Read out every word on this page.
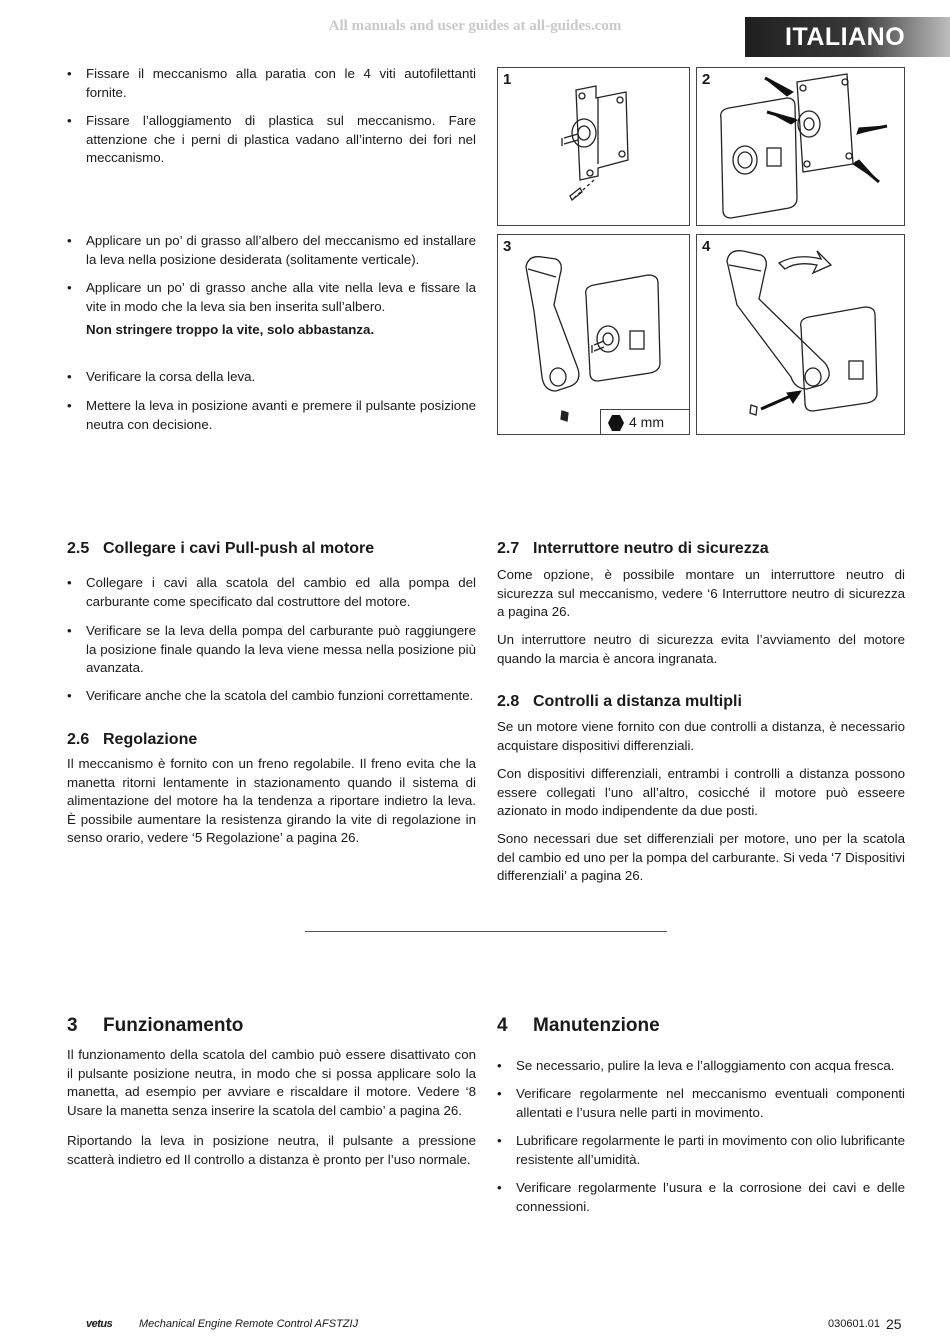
All manuals and user guides at all-guides.com	ITALIANO
• Fissare il meccanismo alla paratia con le 4 viti autofilettanti fornite.
• Fissare l’alloggiamento di plastica sul meccanismo. Fare attenzione che i perni di plastica vadano all’interno dei fori nel meccanismo.
• Applicare un po’ di grasso all’albero del meccanismo ed installare la leva nella posizione desiderata (solitamente verticale).
• Applicare un po’ di grasso anche alla vite nella leva e fissare la vite in modo che la leva sia ben inserita sull’albero.
Non stringere troppo la vite, solo abbastanza.
• Verificare la corsa della leva.
• Mettere la leva in posizione avanti e premere il pulsante posizione neutra con decisione.
1	2
3
4 mm
4
2.5 Collegare i cavi Pull-push al motore
• Collegare i cavi alla scatola del cambio ed alla pompa del carburante come specificato dal costruttore del motore.
• Verificare se la leva della pompa del carburante può raggiungere la posizione finale quando la leva viene messa nella posizione più avanzata.
• Verificare anche che la scatola del cambio funzioni correttamente.
2.6 Regolazione
Il meccanismo è fornito con un freno regolabile. Il freno evita che la manetta ritorni lentamente in stazionamento quando il sistema di alimentazione del motore ha la tendenza a riportare indietro la leva. È possibile aumentare la resistenza girando la vite di regolazione in senso orario, vedere ‘5 Regolazione’ a pagina 26.
2.7 Interruttore neutro di sicurezza
Come opzione, è possibile montare un interruttore neutro di sicurezza sul meccanismo, vedere ‘6 Interruttore neutro di sicurezza a pagina 26.
Un interruttore neutro di sicurezza evita l’avviamento del motore quando la marcia è ancora ingranata.
2.8 Controlli a distanza multipli
Se un motore viene fornito con due controlli a distanza, è necessario acquistare dispositivi differenziali.
Con dispositivi differenziali, entrambi i controlli a distanza possono essere collegati l’uno all’altro, cosicché il motore può esseere azionato in modo indipendente da due posti.
Sono necessari due set differenziali per motore, uno per la scatola del cambio ed uno per la pompa del carburante. Si veda ‘7 Dispositivi differenziali’ a pagina 26.
3 Funzionamento
Il funzionamento della scatola del cambio può essere disattivato con il pulsante posizione neutra, in modo che si possa applicare solo la manetta, ad esempio per avviare e riscaldare il motore. Vedere ‘8 Usare la manetta senza inserire la scatola del cambio’ a pagina 26.
Riportando la leva in posizione neutra, il pulsante a pressione scatterà indietro ed Il controllo a distanza è pronto per l’uso normale.
4 Manutenzione
• Se necessario, pulire la leva e l’alloggiamento con acqua fresca.
• Verificare regolarmente nel meccanismo eventuali componenti allentati e l’usura nelle parti in movimento.
• Lubrificare regolarmente le parti in movimento con olio lubrificante resistente all’umidità.
• Verificare regolarmente l’usura e la corrosione dei cavi e delle connessioni.
vetus Mechanical Engine Remote Control AFSTZIJ	030601.01 25
